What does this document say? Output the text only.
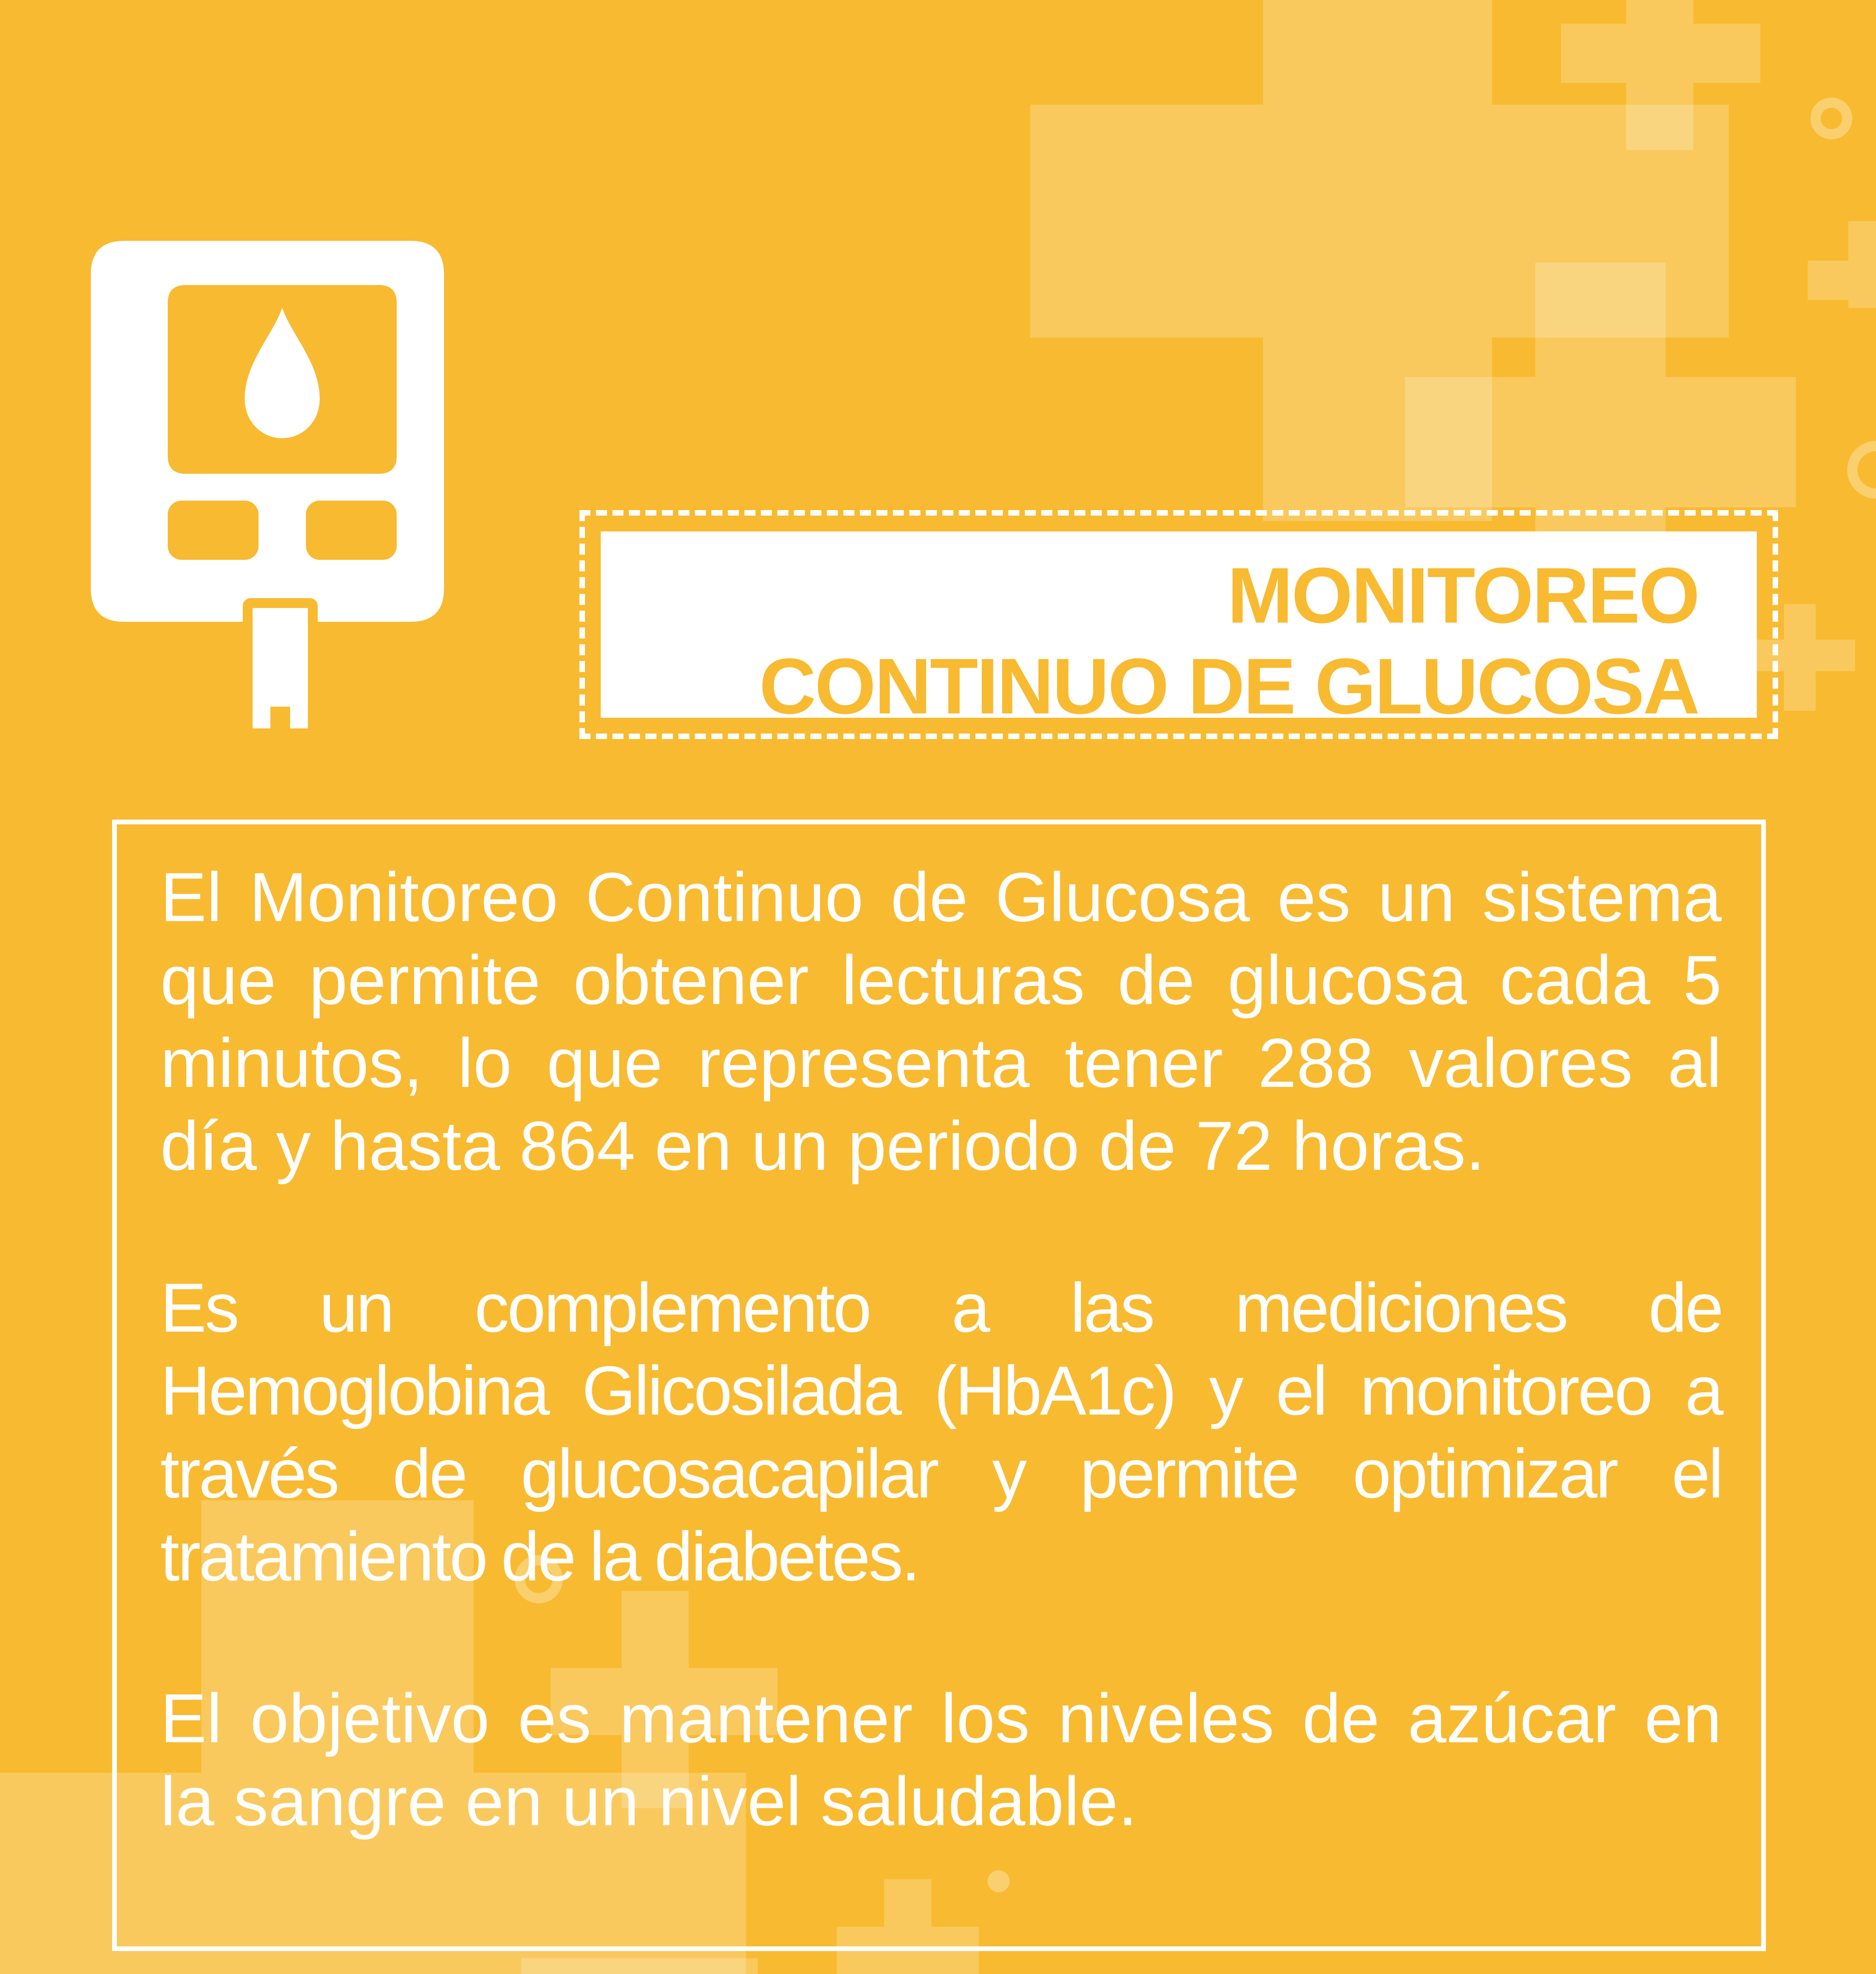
MONITOREO
CONTINUO DE GLUCOSA

El Monitoreo Continuo de Glucosa es un sistema que permite obtener lecturas de glucosa cada 5 minutos, lo que representa tener 288 valores al día y hasta 864 en un periodo de 72 horas.

Es un complemento a las mediciones de Hemoglobina Glicosilada (HbA1c) y el monitoreo a través de glucosacapilar y permite optimizar el tratamiento de la diabetes.

El objetivo es mantener los niveles de azúcar en la sangre en un nivel saludable.
